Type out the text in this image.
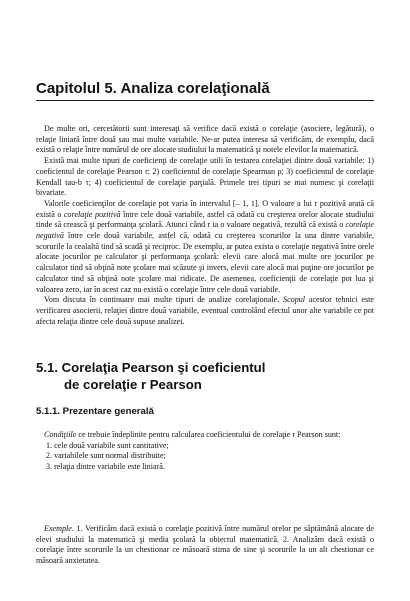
Capitolul 5. Analiza corelaţională

De multe ori, cercetătorii sunt interesaţi să verifice dacă există o corelaţie (asociere, legătură), o relaţie liniară între două sau mai multe variabile. Ne-ar putea interesa să verificăm, de exemplu, dacă există o relaţie între numărul de ore alocate studiului la matematică şi notele elevilor la matematică.

Există mai multe tipuri de coeficienţi de corelaţie utili în testarea corelaţiei dintre două variabile: 1) coeficientul de corelaţie Pearson r; 2) coeficientul de corelaţie Spearman ρ; 3) coeficientul de corelaţie Kendall tau-b τ; 4) coeficientul de corelaţie parţială. Primele trei tipuri se mai numesc şi corelaţii bivariate.

Valorile coeficienţilor de corelaţie pot varia în intervalul [– 1, 1]. O valoare a lui r pozitivă arată că există o corelaţie pozitivă între cele două variabile, astfel că odată cu creşterea orelor alocate studiului tinde să crească şi performanţa şcolară. Atunci când r ia o valoare negativă, rezultă că există o corelaţie negativă între cele două variabile, astfel că, odată cu creşterea scorurilor la una dintre variabile, scorurile la cealaltă tind să scadă şi reciproc. De exemplu, ar putea exista o corelaţie negativă între orele alocate jocurilor pe calculator şi performanţa şcolară: elevii care alocă mai multe ore jocurilor pe calculator tind să obţină note şcolare mai scăzute şi invers, elevii care alocă mai puţine ore jocurilor pe calculator tind să obţină note şcolare mai ridicate. De asemenea, coeficienţii de corelaţie pot lua şi valoarea zero, iar în acest caz nu există o corelaţie între cele două variabile.

Vom discuta în continuare mai multe tipuri de analize corelaţionale. Scopul acestor tehnici este verificarea asocierii, relaţiei dintre două variabile, eventual controlând efectul unor alte variabile ce pot afecta relaţia dintre cele două supuse analizei.

5.1. Corelaţia Pearson şi coeficientul
de corelaţie r Pearson
5.1.1. Prezentare generală

Condiţiile ce trebuie îndeplinite pentru calcularea coeficientului de corelaţie r Pearson sunt:

1. cele două variabile sunt cantitative;
2. variabilele sunt normal distribuite;
3. relaţia dintre variabile este liniară.

Exemple. 1. Verificăm dacă există o corelaţie pozitivă între numărul orelor pe săptămână alocate de elevi studiului la matematică şi media şcolară la obiectul matematică. 2. Analizăm dacă există o corelaţie între scorurile la un chestionar ce măsoară stima de sine şi scorurile la un alt chestionar ce măsoară anxietatea.
